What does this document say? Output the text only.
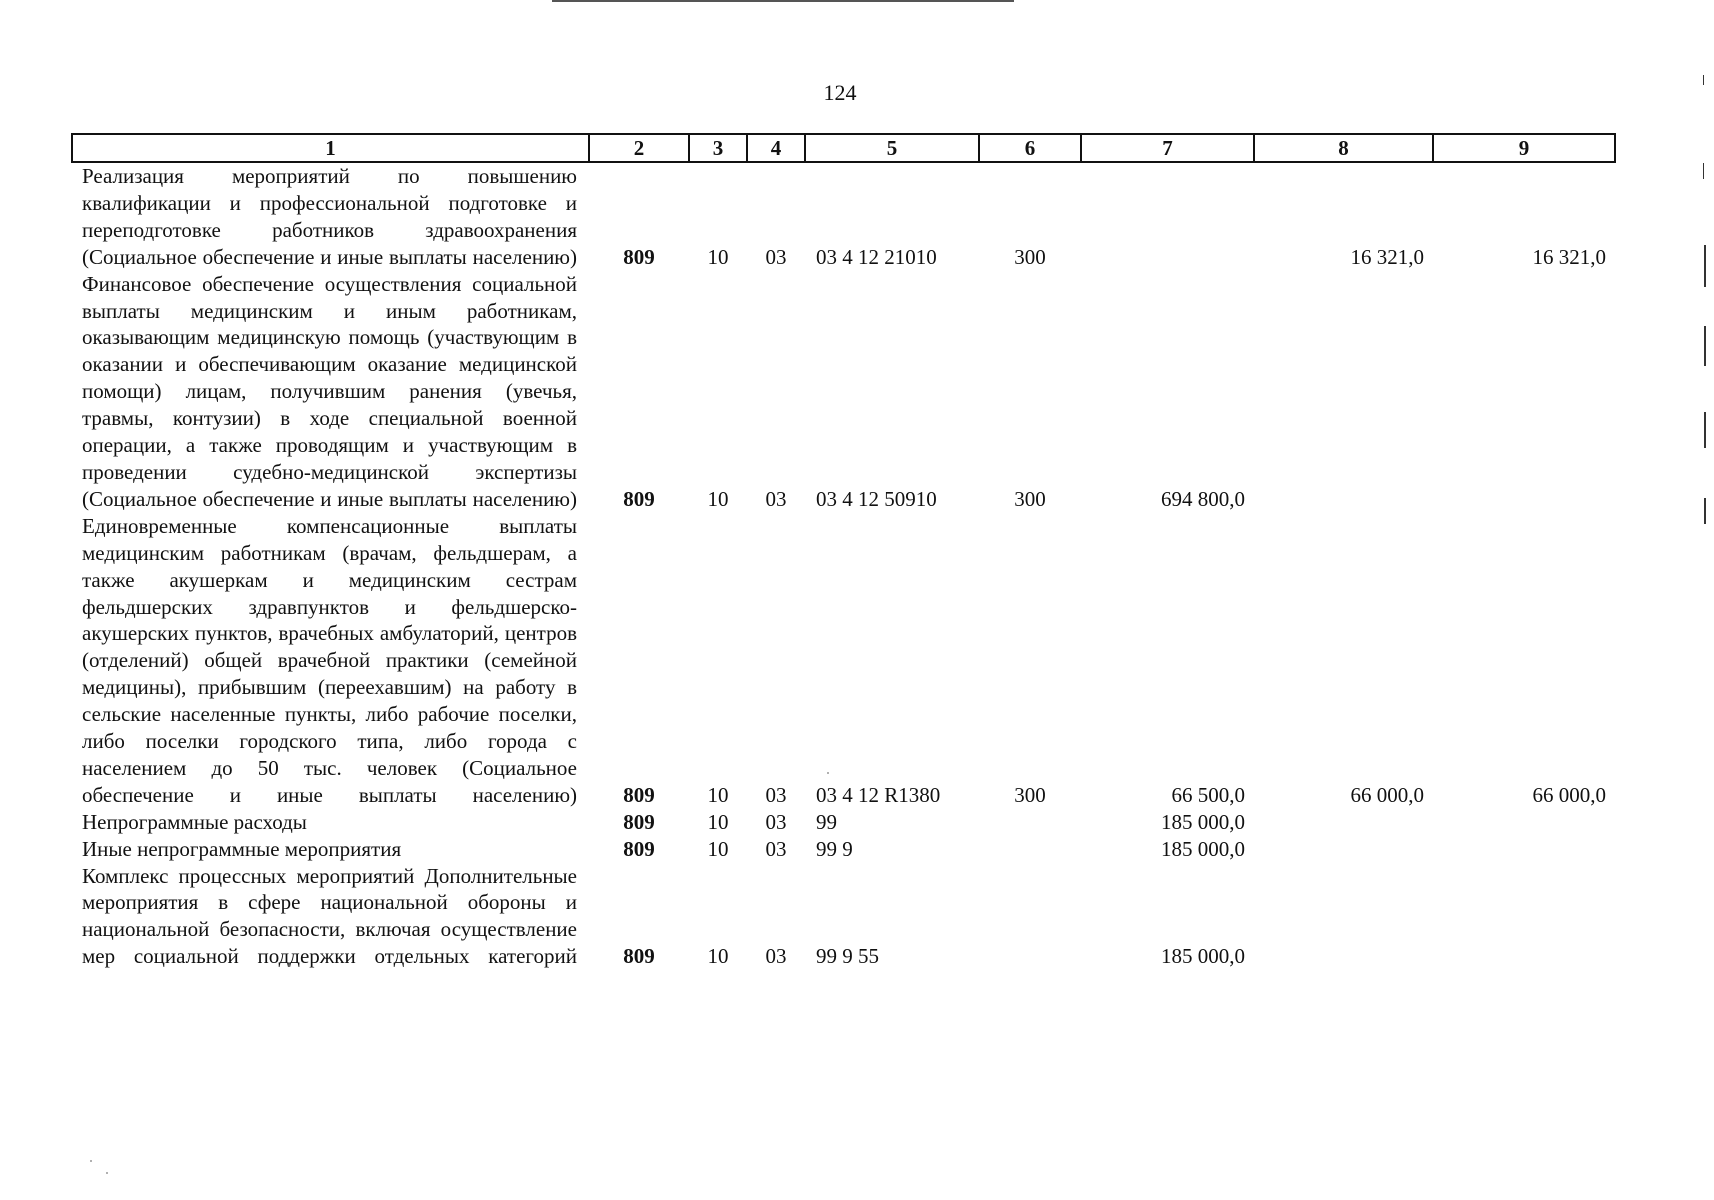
124
1	2	3	4	5	6	7	8	9
Реализация мероприятий по повышению квалификации и профессиональной подготовке и переподготовке работников здравоохранения (Социальное обеспечение и иные выплаты населению)	809	10	03	03 4 12 21010	300		16 321,0	16 321,0
Финансовое обеспечение осуществления социальной выплаты медицинским и иным работникам, оказывающим медицинскую помощь (участвующим в оказании и обеспечивающим оказание медицинской помощи) лицам, получившим ранения (увечья, травмы, контузии) в ходе специальной военной операции, а также проводящим и участвующим в проведении судебно-медицинской экспертизы (Социальное обеспечение и иные выплаты населению)	809	10	03	03 4 12 50910	300	694 800,0		
Единовременные компенсационные выплаты медицинским работникам (врачам, фельдшерам, а также акушеркам и медицинским сестрам фельдшерских здравпунктов и фельдшерско-акушерских пунктов, врачебных амбулаторий, центров (отделений) общей врачебной практики (семейной медицины), прибывшим (переехавшим) на работу в сельские населенные пункты, либо рабочие поселки, либо поселки городского типа, либо города с населением до 50 тыс. человек (Социальное обеспечение и иные выплаты населению)	809	10	03	03 4 12 R1380	300	66 500,0	66 000,0	66 000,0
Непрограммные расходы	809	10	03	99		185 000,0		
Иные непрограммные мероприятия	809	10	03	99 9		185 000,0		
Комплекс процессных мероприятий Дополнительные мероприятия в сфере национальной обороны и национальной безопасности, включая осуществление мер социальной поддержки отдельных категорий	809	10	03	99 9 55		185 000,0		
